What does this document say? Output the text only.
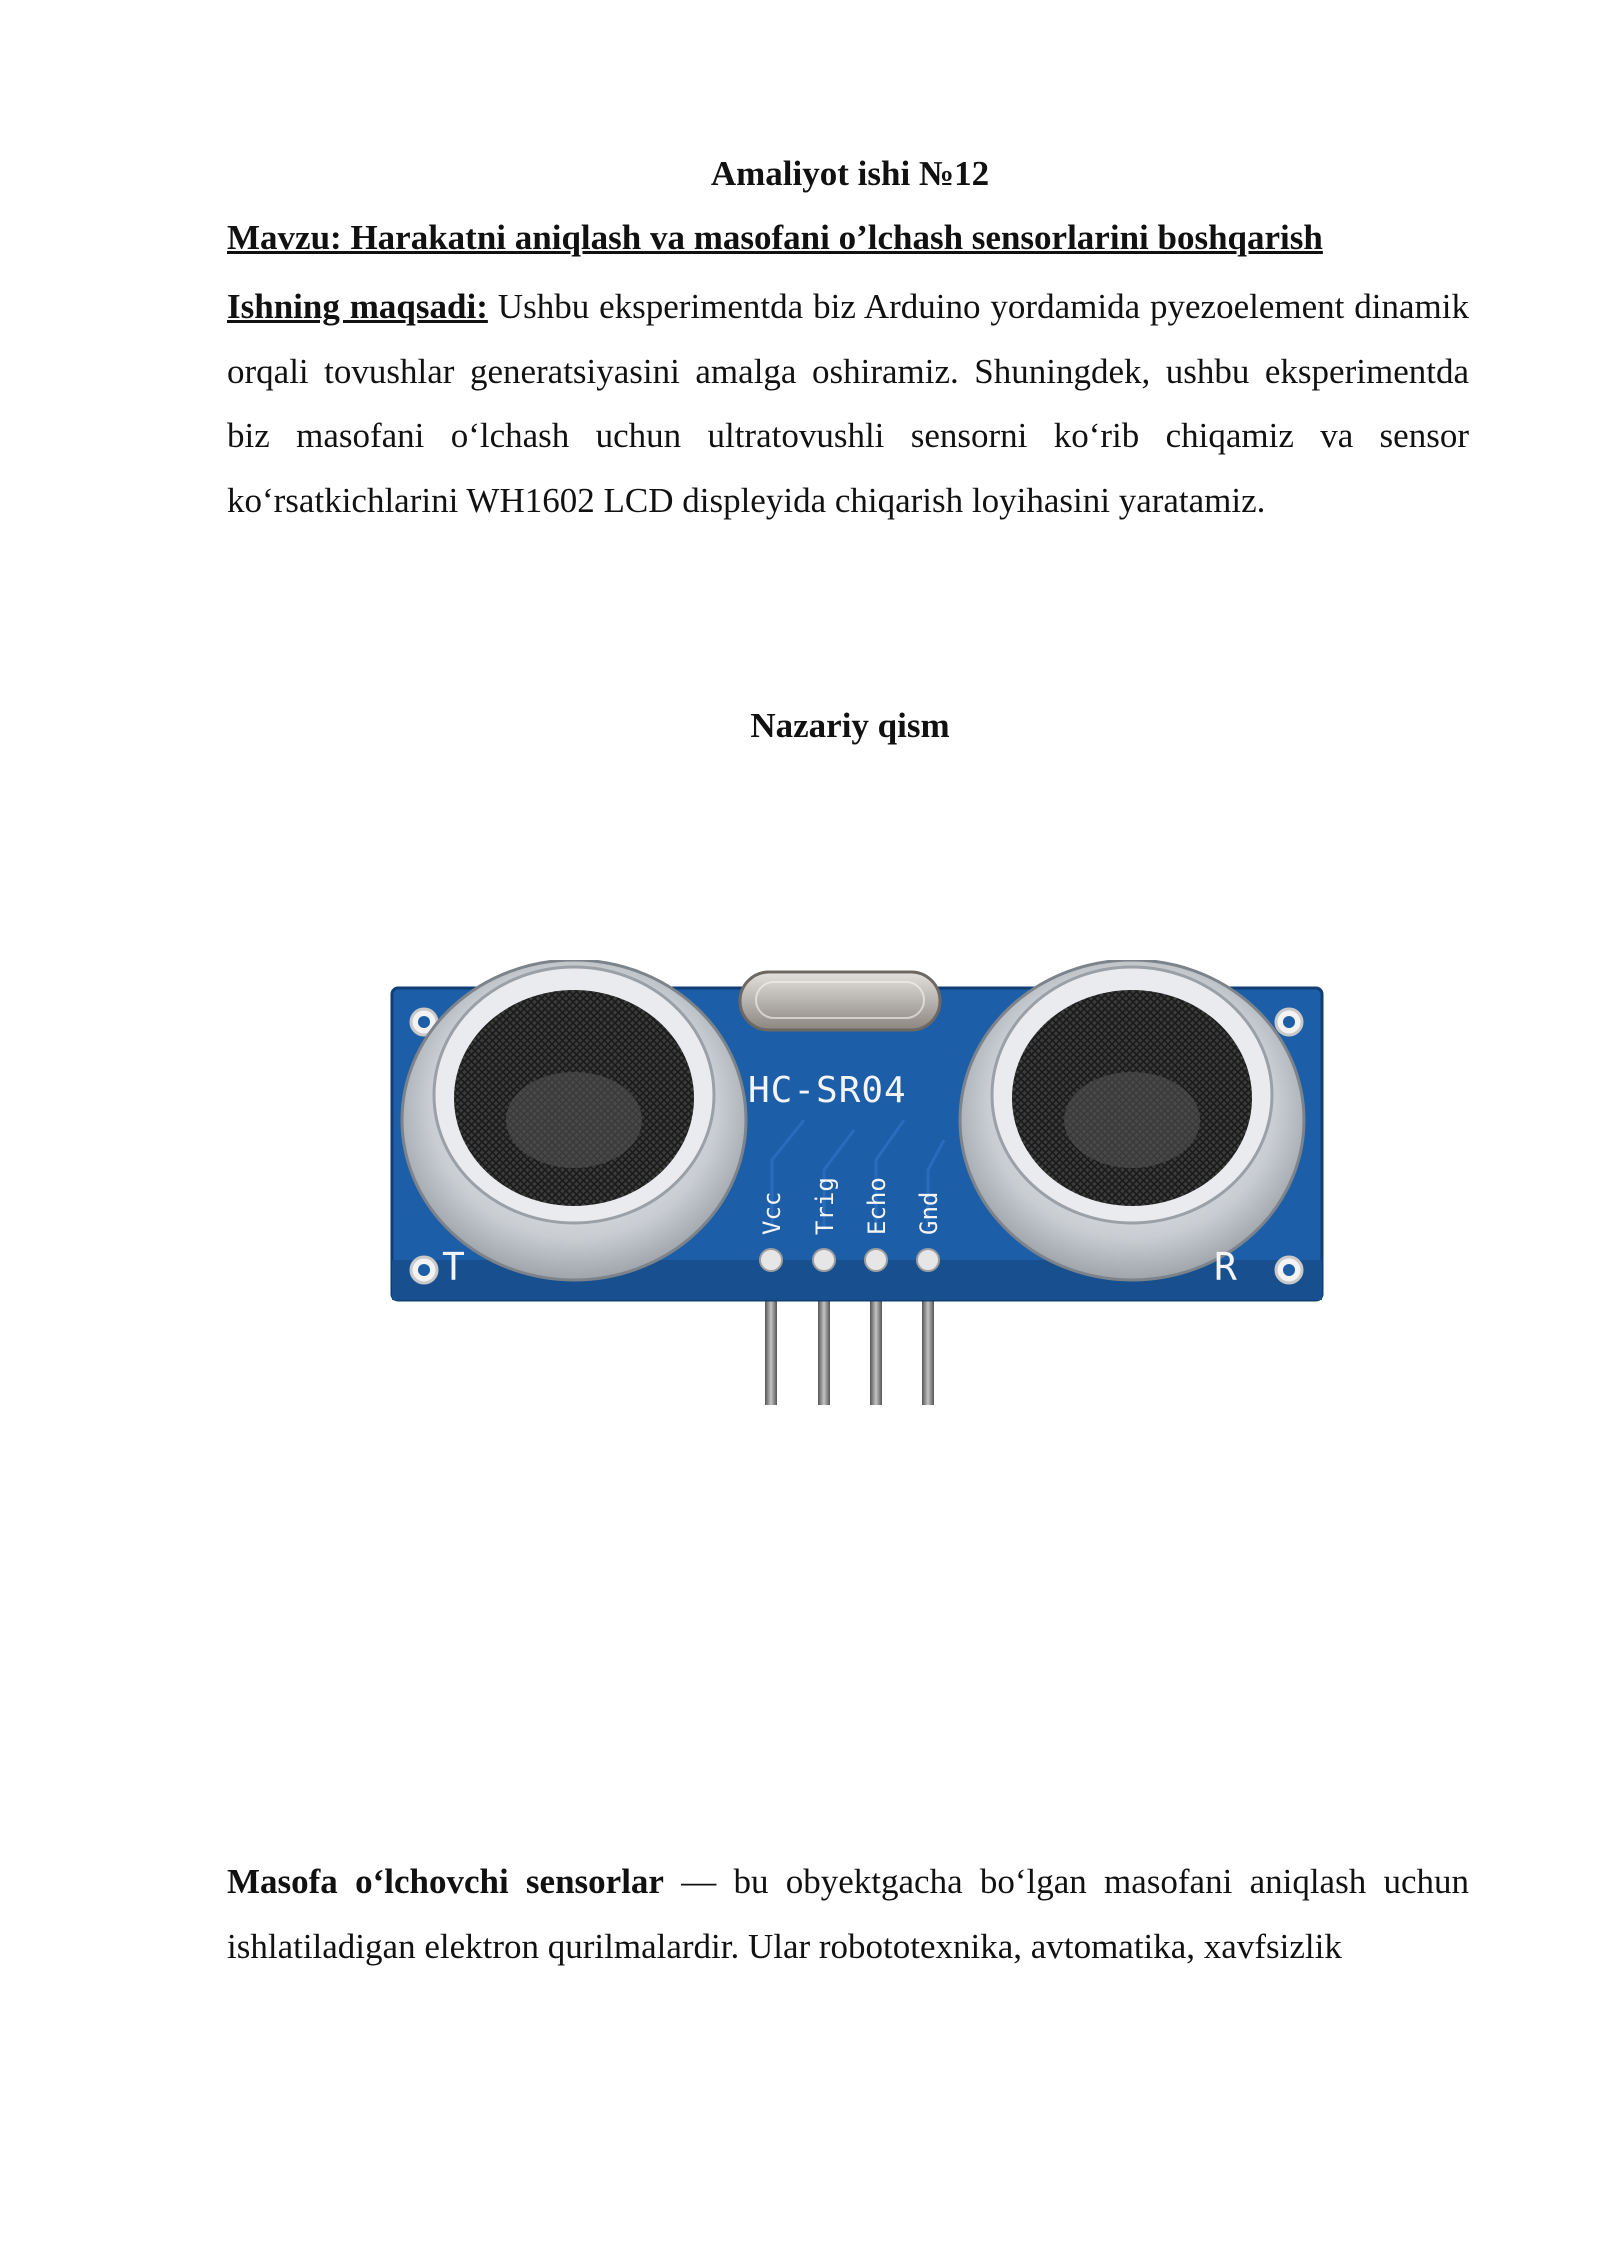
Amaliyot ishi №12
Mavzu: Harakatni aniqlash va masofani o’lchash sensorlarini boshqarish

Ishning maqsadi: Ushbu eksperimentda biz Arduino yordamida pyezoelement dinamik orqali tovushlar generatsiyasini amalga oshiramiz. Shuningdek, ushbu eksperimentda biz masofani o‘lchash uchun ultratovushli sensorni ko‘rib chiqamiz va sensor ko‘rsatkichlarini WH1602 LCD displeyida chiqarish loyihasini yaratamiz.

Nazariy qism
HC-SR04
T	R
Vcc Trig Echo Gnd

Masofa o‘lchovchi sensorlar — bu obyektgacha bo‘lgan masofani aniqlash uchun ishlatiladigan elektron qurilmalardir. Ular robototexnika, avtomatika, xavfsizlik
